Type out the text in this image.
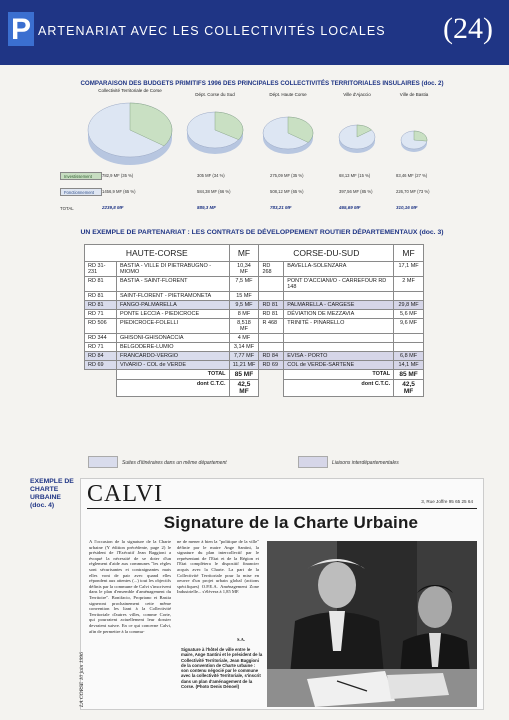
P ARTENARIAT AVEC LES COLLECTIVITÉS LOCALES (24)
COMPARAISON DES BUDGETS PRIMITIFS 1996 DES PRINCIPALES COLLECTIVITÉS TERRITORIALES INSULAIRES (doc. 2)
Collectivité Territoriale de Corse
782,9 MF (35 %)
1456,9 MF (65 %)
2239,8 MF
Dépt. Corse du Sud
305 MF (34 %)
584,38 MF (66 %)
889,3 MF
Dépt. Haute Corse
275,09 MF (35 %)
508,12 MF (65 %)
783,21 MF
Ville d'Ajaccio
68,13 MF (15 %)
397,56 MF (85 %)
465,69 MF
Ville de Bastia
83,46 MF (27 %)
226,70 MF (73 %)
310,16 MF
Investissement
Fonctionnement
TOTAL
UN EXEMPLE DE PARTENARIAT : LES CONTRATS DE DÉVELOPPEMENT ROUTIER DÉPARTEMENTAUX (doc. 3)
HAUTE-CORSE		MF	CORSE-DU-SUD		MF
RD 31-231	BASTIA - VILLE DI PIETRABUGNO - MIOMO	10,34 MF	RD 268	BAVELLA-SOLENZARA	17,1 MF
RD 81	BASTIA - SAINT-FLORENT	7,5 MF		PONT D'ACCIANI/O - CARREFOUR RD 148	2 MF
RD 81	SAINT-FLORENT - PIETRAMONETA	15 MF			
RD 81	FANGO-PALMARELLA	9,5 MF	RD 81	PALMARELLA - CARGESE	29,8 MF
RD 71	PONTE LECCIA - PIEDICROCE	8 MF	RD 81	DÉVIATION DE MEZZAVIA	5,6 MF
RD 506	PIEDICROCE-FOLELLI	8,518 MF	R 468	TRINITÉ - PINARELLO	9,6 MF
RD 344	GHISONI-GHISONACCIA	4 MF			
RD 71	BELGODERE-LUMIO	3,14 MF			
RD 84	FRANCARDO-VERGIO	7,77 MF	RD 84	EVISA - PORTO	6,8 MF
RD 69	VIVARIO - COL de VERDE	11,21 MF	RD 69	COL de VERDE-SARTENE	14,1 MF
	TOTAL	85 MF		TOTAL	85 MF
	dont C.T.C.	42,5 MF		dont C.T.C.	42,5 MF
Suites d'itinéraires dans un même département	Liaisons interdépartementales
EXEMPLE DE CHARTE URBAINE (doc. 4)	CALVI	3, Rue Joffre 95 65 25 64
Signature de la Charte Urbaine
A l'occasion de la signature de la Charte urbaine (Y édition précédente, page 2) le président de l'Exécutif Jean Baggioni a évoqué la nécessité de se doter d'un règlement d'aide aux communes "les règles sont sécurisantes et contraignantes mais elles vont de pair avec quand elles répondent aux attentes (...) tout les objectifs définis par la commune de Calvi s'inscrivent dans le plan d'ensemble d'aménagement du Territoire". Bonifacio, Propriano et Bastia signeront prochainement cette même convention les liant à la Collectivité Territoriale d'autres villes, comme Corte, qui pourraient actuellement leur dossier devraient suivre. En ce qui concerne Calvi, afin de permettre à la commu-
ne de mener à bien la "politique de la ville" définie par le maire Ange Santini, la signature du plan intercollectif par le représentant de l'Etat et de la Région et l'Etat complètera le dispositif financier acquis avec la Charte. La part de la Collectivité Territoriale pour la mise en oeuvre d'un projet urbain global (actions spécifiques) O.P.E.A. Aménagement Zone Industrielle... s'élèvera à 1,85 MF.
S.A.
Signature à l'hôtel de ville entre le maire, Ange Santini et le président de la Collectivité Territoriale, Jean Baggioni de la convention de Charte urbaine : son contenu négocié par le commune avec la collectivité Territoriale, s'inscrit dans un plan d'aménagement de la Corse. (Photo Denis Dénoel)
LA CORSE 10 juin 1996
